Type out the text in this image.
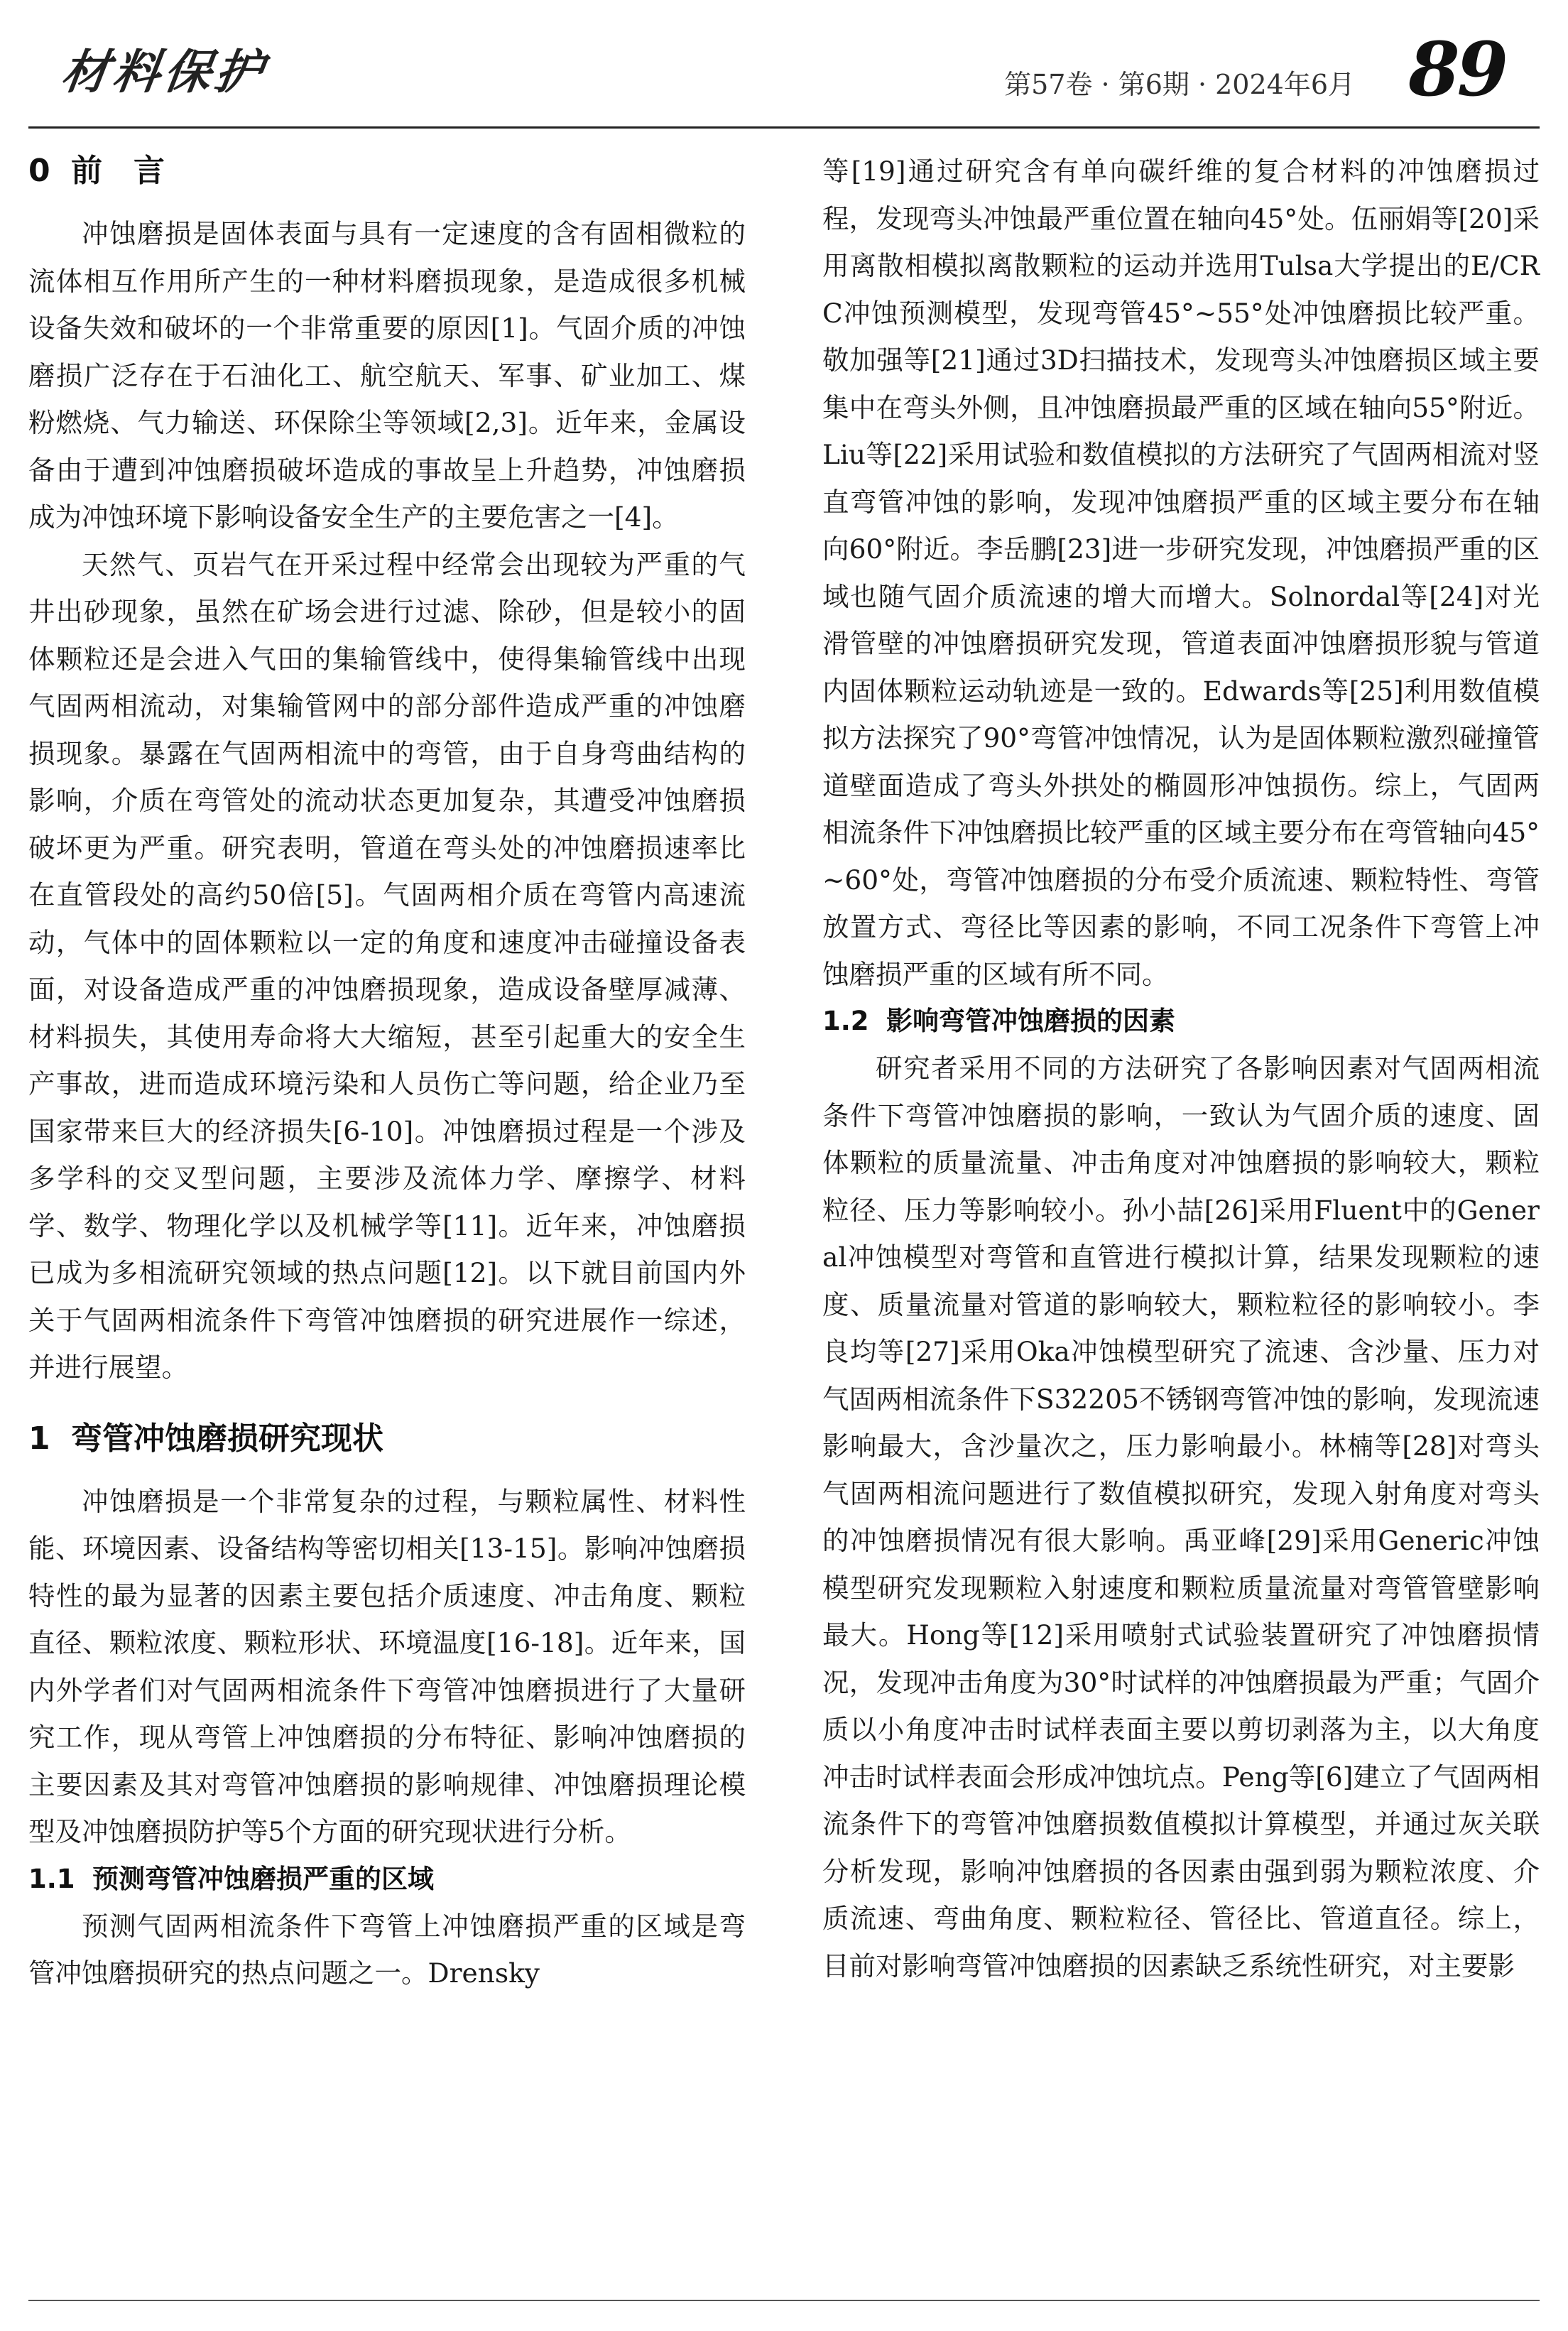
材料保护	第57卷 · 第6期 · 2024年6月 89
0 前　言

冲蚀磨损是固体表面与具有一定速度的含有固相微粒的流体相互作用所产生的一种材料磨损现象，是造成很多机械设备失效和破坏的一个非常重要的原因[1]。气固介质的冲蚀磨损广泛存在于石油化工、航空航天、军事、矿业加工、煤粉燃烧、气力输送、环保除尘等领域[2,3]。近年来，金属设备由于遭到冲蚀磨损破坏造成的事故呈上升趋势，冲蚀磨损成为冲蚀环境下影响设备安全生产的主要危害之一[4]。

天然气、页岩气在开采过程中经常会出现较为严重的气井出砂现象，虽然在矿场会进行过滤、除砂，但是较小的固体颗粒还是会进入气田的集输管线中，使得集输管线中出现气固两相流动，对集输管网中的部分部件造成严重的冲蚀磨损现象。暴露在气固两相流中的弯管，由于自身弯曲结构的影响，介质在弯管处的流动状态更加复杂，其遭受冲蚀磨损破坏更为严重。研究表明，管道在弯头处的冲蚀磨损速率比在直管段处的高约50倍[5]。气固两相介质在弯管内高速流动，气体中的固体颗粒以一定的角度和速度冲击碰撞设备表面，对设备造成严重的冲蚀磨损现象，造成设备壁厚减薄、材料损失，其使用寿命将大大缩短，甚至引起重大的安全生产事故，进而造成环境污染和人员伤亡等问题，给企业乃至国家带来巨大的经济损失[6-10]。冲蚀磨损过程是一个涉及多学科的交叉型问题，主要涉及流体力学、摩擦学、材料学、数学、物理化学以及机械学等[11]。近年来，冲蚀磨损已成为多相流研究领域的热点问题[12]。以下就目前国内外关于气固两相流条件下弯管冲蚀磨损的研究进展作一综述，并进行展望。

1 弯管冲蚀磨损研究现状

冲蚀磨损是一个非常复杂的过程，与颗粒属性、材料性能、环境因素、设备结构等密切相关[13-15]。影响冲蚀磨损特性的最为显著的因素主要包括介质速度、冲击角度、颗粒直径、颗粒浓度、颗粒形状、环境温度[16-18]。近年来，国内外学者们对气固两相流条件下弯管冲蚀磨损进行了大量研究工作，现从弯管上冲蚀磨损的分布特征、影响冲蚀磨损的主要因素及其对弯管冲蚀磨损的影响规律、冲蚀磨损理论模型及冲蚀磨损防护等5个方面的研究现状进行分析。

1.1 预测弯管冲蚀磨损严重的区域

预测气固两相流条件下弯管上冲蚀磨损严重的区域是弯管冲蚀磨损研究的热点问题之一。Drensky

等[19]通过研究含有单向碳纤维的复合材料的冲蚀磨损过程，发现弯头冲蚀最严重位置在轴向45°处。伍丽娟等[20]采用离散相模拟离散颗粒的运动并选用Tulsa大学提出的E/CRC冲蚀预测模型，发现弯管45°~55°处冲蚀磨损比较严重。敬加强等[21]通过3D扫描技术，发现弯头冲蚀磨损区域主要集中在弯头外侧，且冲蚀磨损最严重的区域在轴向55°附近。Liu等[22]采用试验和数值模拟的方法研究了气固两相流对竖直弯管冲蚀的影响，发现冲蚀磨损严重的区域主要分布在轴向60°附近。李岳鹏[23]进一步研究发现，冲蚀磨损严重的区域也随气固介质流速的增大而增大。Solnordal等[24]对光滑管壁的冲蚀磨损研究发现，管道表面冲蚀磨损形貌与管道内固体颗粒运动轨迹是一致的。Edwards等[25]利用数值模拟方法探究了90°弯管冲蚀情况，认为是固体颗粒激烈碰撞管道壁面造成了弯头外拱处的椭圆形冲蚀损伤。综上，气固两相流条件下冲蚀磨损比较严重的区域主要分布在弯管轴向45°~60°处，弯管冲蚀磨损的分布受介质流速、颗粒特性、弯管放置方式、弯径比等因素的影响，不同工况条件下弯管上冲蚀磨损严重的区域有所不同。

1.2 影响弯管冲蚀磨损的因素

研究者采用不同的方法研究了各影响因素对气固两相流条件下弯管冲蚀磨损的影响，一致认为气固介质的速度、固体颗粒的质量流量、冲击角度对冲蚀磨损的影响较大，颗粒粒径、压力等影响较小。孙小喆[26]采用Fluent中的General冲蚀模型对弯管和直管进行模拟计算，结果发现颗粒的速度、质量流量对管道的影响较大，颗粒粒径的影响较小。李良均等[27]采用Oka冲蚀模型研究了流速、含沙量、压力对气固两相流条件下S32205不锈钢弯管冲蚀的影响，发现流速影响最大，含沙量次之，压力影响最小。林楠等[28]对弯头气固两相流问题进行了数值模拟研究，发现入射角度对弯头的冲蚀磨损情况有很大影响。禹亚峰[29]采用Generic冲蚀模型研究发现颗粒入射速度和颗粒质量流量对弯管管壁影响最大。Hong等[12]采用喷射式试验装置研究了冲蚀磨损情况，发现冲击角度为30°时试样的冲蚀磨损最为严重；气固介质以小角度冲击时试样表面主要以剪切剥落为主，以大角度冲击时试样表面会形成冲蚀坑点。Peng等[6]建立了气固两相流条件下的弯管冲蚀磨损数值模拟计算模型，并通过灰关联分析发现，影响冲蚀磨损的各因素由强到弱为颗粒浓度、介质流速、弯曲角度、颗粒粒径、管径比、管道直径。综上，目前对影响弯管冲蚀磨损的因素缺乏系统性研究，对主要影
